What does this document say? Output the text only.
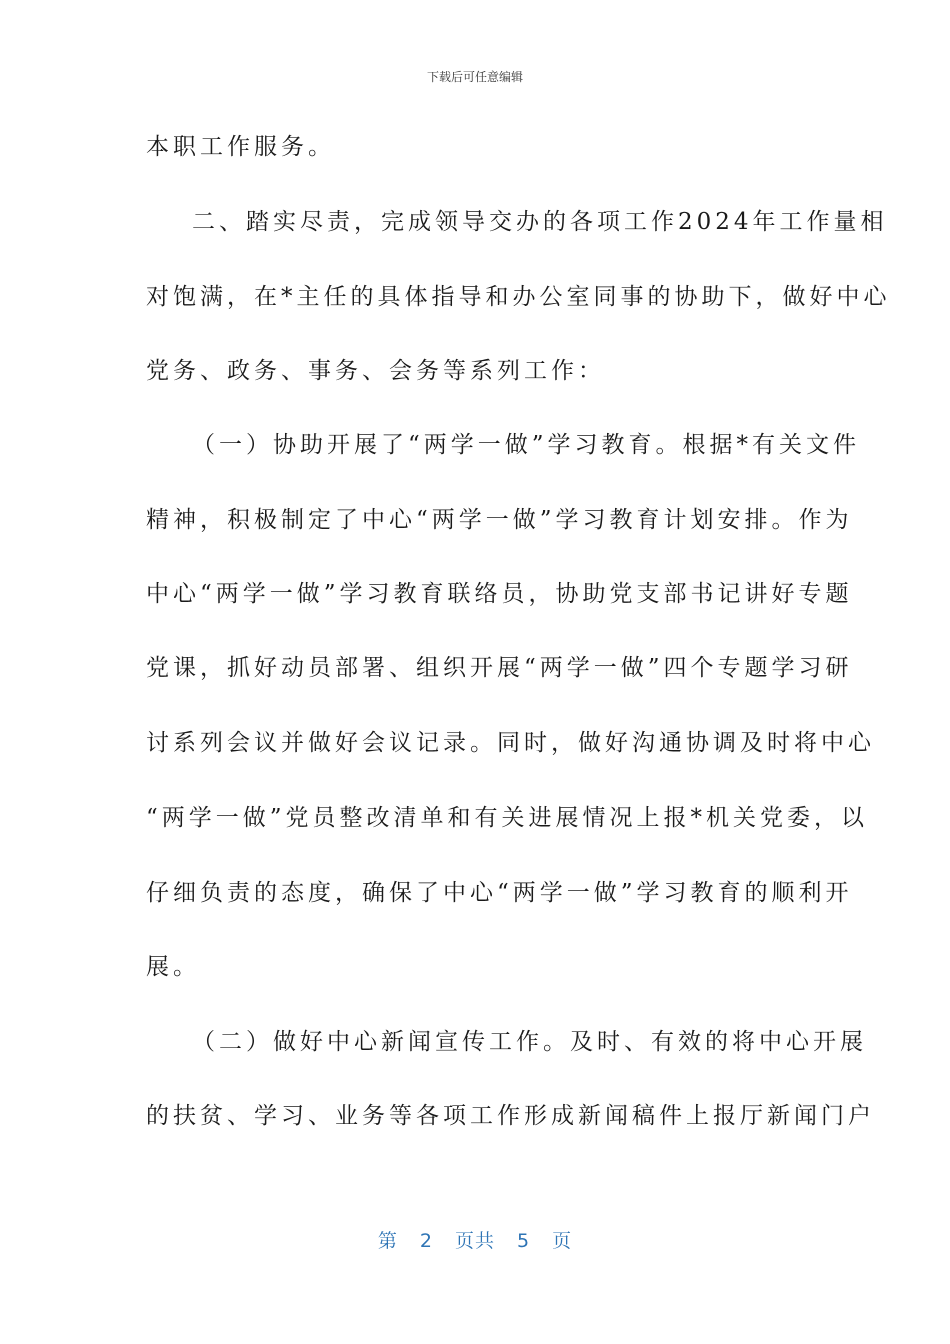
下载后可任意编辑
本职工作服务。
二、踏实尽责，完成领导交办的各项工作2024年工作量相
对饱满，在*主任的具体指导和办公室同事的协助下，做好中心
党务、政务、事务、会务等系列工作：
（一）协助开展了“两学一做”学习教育。根据*有关文件
精神，积极制定了中心“两学一做”学习教育计划安排。作为
中心“两学一做”学习教育联络员，协助党支部书记讲好专题
党课，抓好动员部署、组织开展“两学一做”四个专题学习研
讨系列会议并做好会议记录。同时，做好沟通协调及时将中心
“两学一做”党员整改清单和有关进展情况上报*机关党委，以
仔细负责的态度，确保了中心“两学一做”学习教育的顺利开
展。
（二）做好中心新闻宣传工作。及时、有效的将中心开展
的扶贫、学习、业务等各项工作形成新闻稿件上报厅新闻门户
第 2 页共 5 页
